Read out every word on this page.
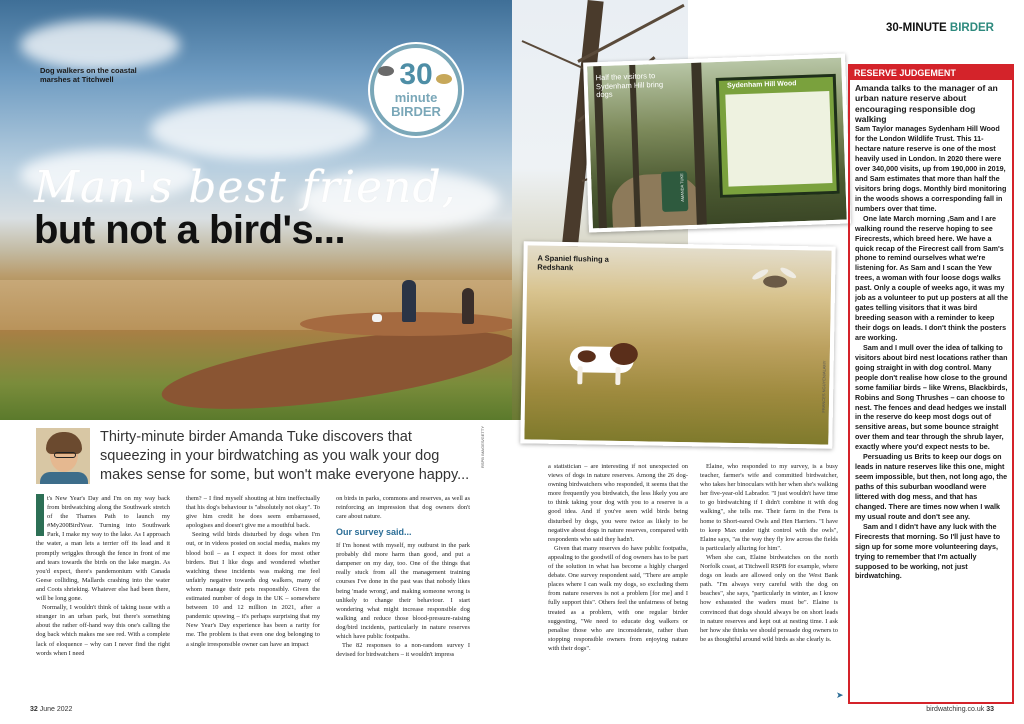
Dog walkers on the coastal marshes at Titchwell	30
minute
BIRDER
Man's best friend,
but not a bird's...
RSPB IMAGES/GETTY
Thirty-minute birder Amanda Tuke discovers that squeezing in your birdwatching as you walk your dog makes sense for some, but won't make everyone happy...
I t's New Year's Day and I'm on my way back from birdwatching along the Southwark stretch of the Thames Path to launch my #My200BirdYear. Turning into Southwark Park, I make my way to the lake. As I approach the water, a man lets a terrier off its lead and it promptly wriggles through the fence in front of me and tears towards the birds on the lake margin. As you'd expect, there's pandemonium with Canada Geese colliding, Mallards crashing into the water and Coots shrieking. Whatever else had been there, will be long gone.

Normally, I wouldn't think of taking issue with a stranger in an urban park, but there's something about the rather off-hand way this one's calling the dog back which makes me see red. With a complete lack of eloquence – why can I never find the right words when I need

them? – I find myself shouting at him ineffectually that his dog's behaviour is "absolutely not okay". To give him credit he does seem embarrassed, apologises and doesn't give me a mouthful back.

Seeing wild birds disturbed by dogs when I'm out, or in videos posted on social media, makes my blood boil – as I expect it does for most other birders. But I like dogs and wondered whether watching these incidents was making me feel unfairly negative towards dog walkers, many of whom manage their pets responsibly. Given the estimated number of dogs in the UK – somewhere between 10 and 12 million in 2021, after a pandemic upswing – it's perhaps surprising that my New Year's Day experience has been a rarity for me. The problem is that even one dog belonging to a single irresponsible owner can have an impact

on birds in parks, commons and reserves, as well as reinforcing an impression that dog owners don't care about nature.

Our survey said...

If I'm honest with myself, my outburst in the park probably did more harm than good, and put a dampener on my day, too. One of the things that really stuck from all the management training courses I've done in the past was that nobody likes being 'made wrong', and making someone wrong is unlikely to change their behaviour. I start wondering what might increase responsible dog walking and reduce those blood-pressure-raising dog/bird incidents, particularly in nature reserves which have public footpaths.

The 82 responses to a non-random survey I devised for birdwatchers – it wouldn't impress

32 June 2022
30-MINUTE BIRDER
Sydenham Hill Wood
Half the visitors to Sydenham Hill bring dogs
AMANDA TUKE
A Spaniel flushing a Redshank
FRANCES NGUYEN/ALAMY

a statistician – are interesting if not unexpected on views of dogs in nature reserves. Among the 26 dog-owning birdwatchers who responded, it seems that the more frequently you birdwatch, the less likely you are to think taking your dog with you to a reserve is a good idea. And if you've seen wild birds being disturbed by dogs, you were twice as likely to be negative about dogs in nature reserves, compared with respondents who said they hadn't.

Given that many reserves do have public footpaths, appealing to the goodwill of dog owners has to be part of the solution in what has become a highly charged debate. One survey respondent said, "There are ample places where I can walk my dogs, so excluding them from nature reserves is not a problem [for me] and I fully support this". Others feel the unfairness of being treated as a problem, with one regular birder suggesting, "We need to educate dog walkers or penalise those who are inconsiderate, rather than stopping responsible owners from enjoying nature with their dogs".

Elaine, who responded to my survey, is a busy teacher, farmer's wife and committed birdwatcher, who takes her binoculars with her when she's walking her five-year-old Labrador. "I just wouldn't have time to go birdwatching if I didn't combine it with dog walking", she tells me. Their farm in the Fens is home to Short-eared Owls and Hen Harriers. "I have to keep Max under tight control with the owls", Elaine says, "as the way they fly low across the fields is particularly alluring for him".

When she can, Elaine birdwatches on the north Norfolk coast, at Titchwell RSPB for example, where dogs on leads are allowed only on the West Bank path. "I'm always very careful with the dog on beaches", she says, "particularly in winter, as I know how exhausted the waders must be". Elaine is convinced that dogs should always be on short leads in nature reserves and kept out at nesting time. I ask her how she thinks we should persuade dog owners to be as thoughtful around wild birds as she clearly is.

➤
RESERVE JUDGEMENT
Amanda talks to the manager of an urban nature reserve about encouraging responsible dog walking

Sam Taylor manages Sydenham Hill Wood for the London Wildlife Trust. This 11-hectare nature reserve is one of the most heavily used in London. In 2020 there were over 340,000 visits, up from 190,000 in 2019, and Sam estimates that more than half the visitors bring dogs. Monthly bird monitoring in the woods shows a corresponding fall in numbers over that time.

One late March morning ,Sam and I are walking round the reserve hoping to see Firecrests, which breed here. We have a quick recap of the Firecrest call from Sam's phone to remind ourselves what we're listening for. As Sam and I scan the Yew trees, a woman with four loose dogs walks past. Only a couple of weeks ago, it was my job as a volunteer to put up posters at all the gates telling visitors that it was bird breeding season with a reminder to keep their dogs on leads. I don't think the posters are working.

Sam and I mull over the idea of talking to visitors about bird nest locations rather than going straight in with dog control. Many people don't realise how close to the ground some familiar birds – like Wrens, Blackbirds, Robins and Song Thrushes – can choose to nest. The fences and dead hedges we install in the reserve do keep most dogs out of sensitive areas, but some bounce straight over them and tear through the shrub layer, exactly where you'd expect nests to be.

Persuading us Brits to keep our dogs on leads in nature reserves like this one, might seem impossible, but then, not long ago, the paths of this suburban woodland were littered with dog mess, and that has changed. There are times now when I walk my usual route and don't see any.

Sam and I didn't have any luck with the Firecrests that morning. So I'll just have to sign up for some more volunteering days, trying to remember that I'm actually supposed to be working, not just birdwatching.

birdwatching.co.uk 33
